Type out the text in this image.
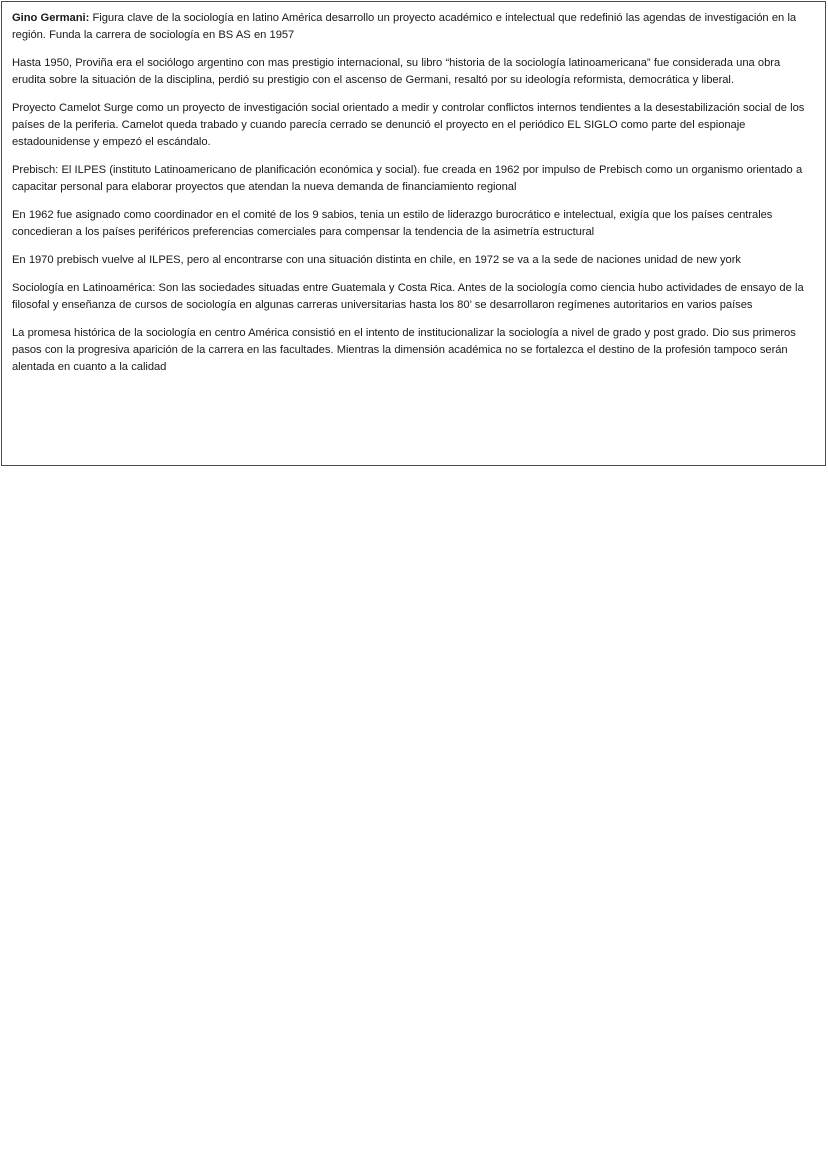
Gino Germani: Figura clave de la sociología en latino América desarrollo un proyecto académico e intelectual que redefinió las agendas de investigación en la región. Funda la carrera de sociología en BS AS en 1957

Hasta 1950, Proviña era el sociólogo argentino con mas prestigio internacional, su libro “historia de la sociología latinoamericana” fue considerada una obra erudita sobre la situación de la disciplina, perdió su prestigio con el ascenso de Germani, resaltó por su ideología reformista, democrática y liberal.

Proyecto Camelot Surge como un proyecto de investigación social orientado a medir y controlar conflictos internos tendientes a la desestabilización social de los países de la periferia. Camelot queda trabado y cuando parecía cerrado se denunció el proyecto en el periódico EL SIGLO como parte del espionaje estadounidense y empezó el escándalo.

Prebisch: El ILPES (instituto Latinoamericano de planificación económica y social). fue creada en 1962 por impulso de Prebisch como un organismo orientado a capacitar personal para elaborar proyectos que atendan la nueva demanda de financiamiento regional

En 1962 fue asignado como coordinador en el comité de los 9 sabios, tenia un estilo de liderazgo burocrático e intelectual, exigía que los países centrales concedieran a los países periféricos preferencias comerciales para compensar la tendencia de la asimetría estructural

En 1970 prebisch vuelve al ILPES, pero al encontrarse con una situación distinta en chile, en 1972 se va a la sede de naciones unidad de new york

Sociología en Latinoamérica: Son las sociedades situadas entre Guatemala y Costa Rica. Antes de la sociología como ciencia hubo actividades de ensayo de la filosofal y enseñanza de cursos de sociología en algunas carreras universitarias hasta los 80’ se desarrollaron regímenes autoritarios en varios países

La promesa histórica de la sociología en centro América consistió en el intento de institucionalizar la sociología a nivel de grado y post grado. Dio sus primeros pasos con la progresiva aparición de la carrera en las facultades. Mientras la dimensión académica no se fortalezca el destino de la profesión tampoco serán alentada en cuanto a la calidad
